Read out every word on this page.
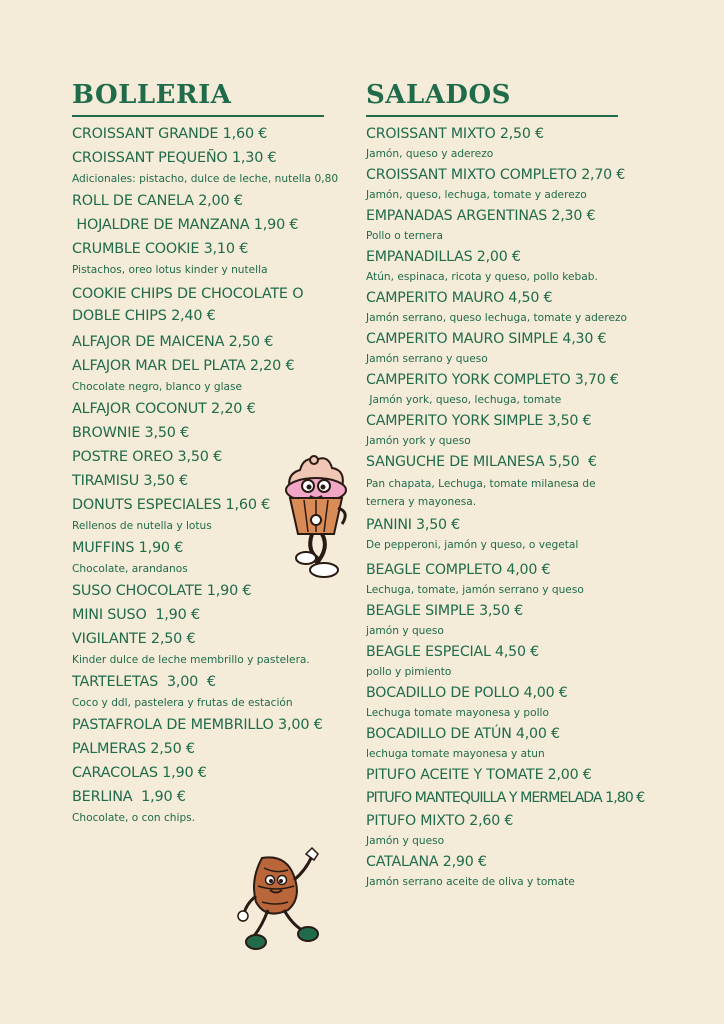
BOLLERIA
CROISSANT GRANDE 1,60 €
CROISSANT PEQUEÑO 1,30 €
Adicionales: pistacho, dulce de leche, nutella 0,80
ROLL DE CANELA 2,00 €
HOJALDRE DE MANZANA 1,90 €
CRUMBLE COOKIE 3,10 €
Pistachos, oreo lotus kinder y nutella
COOKIE CHIPS DE CHOCOLATE O DOBLE CHIPS 2,40 €
ALFAJOR DE MAICENA 2,50 €
ALFAJOR MAR DEL PLATA 2,20 €
Chocolate negro, blanco y glase
ALFAJOR COCONUT 2,20 €
BROWNIE 3,50 €
POSTRE OREO 3,50 €
TIRAMISU 3,50 €
DONUTS ESPECIALES 1,60 €
Rellenos de nutella y lotus
MUFFINS 1,90 €
Chocolate, arandanos
SUSO CHOCOLATE 1,90 €
MINI SUSO  1,90 €
VIGILANTE 2,50 €
Kinder dulce de leche membrillo y pastelera.
TARTELETAS  3,00  €
Coco y ddl, pastelera y frutas de estación
PASTAFROLA DE MEMBRILLO 3,00 €
PALMERAS 2,50 €
CARACOLAS 1,90 €
BERLINA  1,90 €
Chocolate, o con chips.
SALADOS
CROISSANT MIXTO 2,50 €
Jamón, queso y aderezo
CROISSANT MIXTO COMPLETO 2,70 €
Jamón, queso, lechuga, tomate y aderezo
EMPANADAS ARGENTINAS 2,30 €
Pollo o ternera
EMPANADILLAS 2,00 €
Atún, espinaca, ricota y queso, pollo kebab.
CAMPERITO MAURO 4,50 €
Jamón serrano, queso lechuga, tomate y aderezo
CAMPERITO MAURO SIMPLE 4,30 €
Jamón serrano y queso
CAMPERITO YORK COMPLETO 3,70 €
Jamón york, queso, lechuga, tomate
CAMPERITO YORK SIMPLE 3,50 €
Jamón york y queso
SANGUCHE DE MILANESA 5,50  €
Pan chapata, Lechuga, tomate milanesa de ternera y mayonesa.
PANINI 3,50 €
De pepperoni, jamón y queso, o vegetal
BEAGLE COMPLETO 4,00 €
Lechuga, tomate, jamón serrano y queso
BEAGLE SIMPLE 3,50 €
jamón y queso
BEAGLE ESPECIAL 4,50 €
pollo y pimiento
BOCADILLO DE POLLO 4,00 €
Lechuga tomate mayonesa y pollo
BOCADILLO DE ATÚN 4,00 €
lechuga tomate mayonesa y atun
PITUFO ACEITE Y TOMATE 2,00 €
PITUFO MANTEQUILLA Y MERMELADA 1,80 €
PITUFO MIXTO 2,60 €
Jamón y queso
CATALANA 2,90 €
Jamón serrano aceite de oliva y tomate
